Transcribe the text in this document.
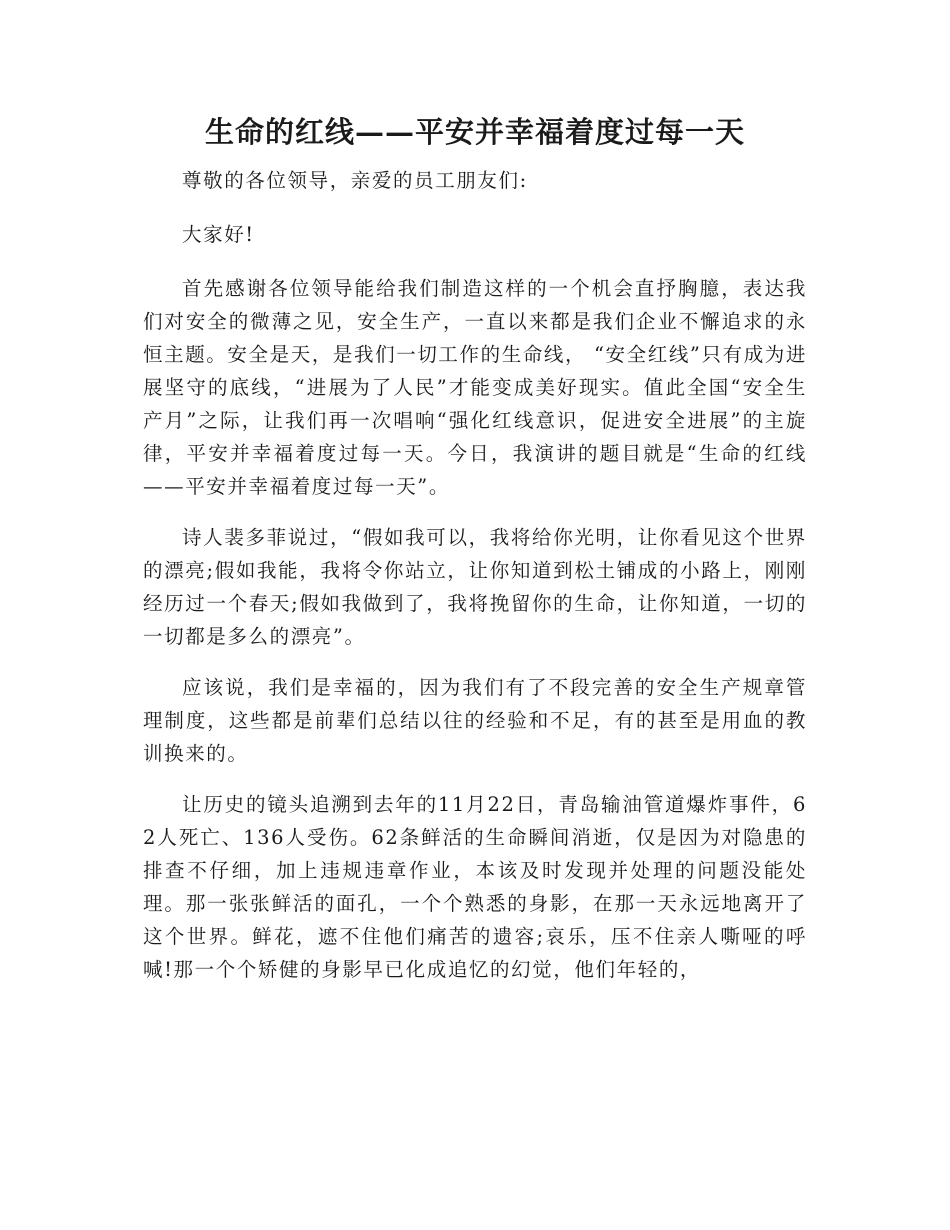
生命的红线——平安并幸福着度过每一天

尊敬的各位领导，亲爱的员工朋友们:

大家好!

首先感谢各位领导能给我们制造这样的一个机会直抒胸臆，表达我们对安全的微薄之见，安全生产，一直以来都是我们企业不懈追求的永恒主题。安全是天，是我们一切工作的生命线， “安全红线”只有成为进展坚守的底线，“进展为了人民”才能变成美好现实。值此全国“安全生产月”之际，让我们再一次唱响“强化红线意识，促进安全进展”的主旋律，平安并幸福着度过每一天。今日，我演讲的题目就是“生命的红线——平安并幸福着度过每一天”。

诗人裴多菲说过，“假如我可以，我将给你光明，让你看见这个世界的漂亮;假如我能，我将令你站立，让你知道到松土铺成的小路上，刚刚经历过一个春天;假如我做到了，我将挽留你的生命，让你知道，一切的一切都是多么的漂亮”。

应该说，我们是幸福的，因为我们有了不段完善的安全生产规章管理制度，这些都是前辈们总结以往的经验和不足，有的甚至是用血的教训换来的。

让历史的镜头追溯到去年的11月22日，青岛输油管道爆炸事件，62人死亡、136人受伤。62条鲜活的生命瞬间消逝，仅是因为对隐患的排查不仔细，加上违规违章作业，本该及时发现并处理的问题没能处理。那一张张鲜活的面孔，一个个熟悉的身影，在那一天永远地离开了这个世界。鲜花，遮不住他们痛苦的遗容;哀乐，压不住亲人嘶哑的呼喊!那一个个矫健的身影早已化成追忆的幻觉，他们年轻的，
